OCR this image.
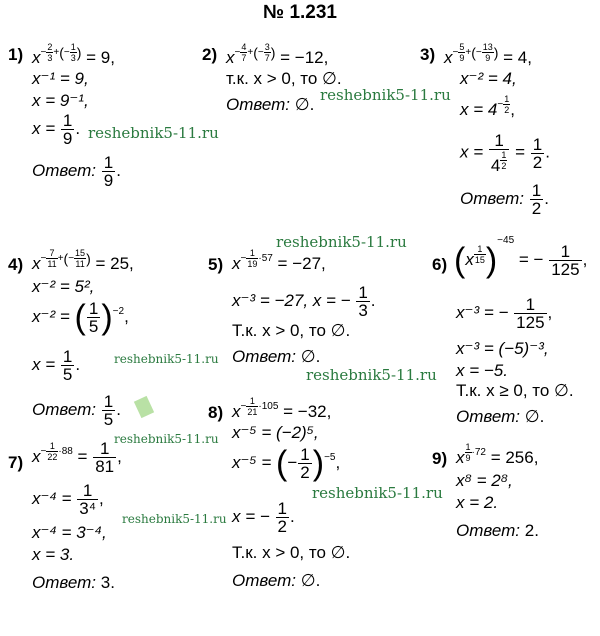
№ 1.231
1) $x^{- \frac{2}{3} +(- \frac{1}{3} )} = 9$,
x⁻¹ = 9,
x = 9⁻¹,
$x = \frac{1}{9}$ .
Ответ: $\frac{1}{9}$ .
2) $x^{- \frac{4}{7} +(- \frac{3}{7} )} = -12$,
т.к. x > 0, то ∅.
Ответ: ∅.
3) $x^{- \frac{5}{9} +(- \frac{13}{9} )} = 4$,
x⁻² = 4,
$x = 4^{- \frac{1}{2}}$ ,
x = 1
4 $^{\frac{1}{2}} = \frac{1}{2}$ .
Ответ: $\frac{1}{2}$ .
4) $x^{- \frac{7}{11} +(- \frac{15}{11} )} = 25$,
x⁻² = 5²,
x⁻² = ( $\frac{1}{5} )^{-2}$,
$x = \frac{1}{5}$ .
Ответ: $\frac{1}{5}$ .
5) $x^{- \frac{1}{19} \cdot 57} = -27$,
x⁻³ = −27, x = − $\frac{1}{3}$ .
Т.к. x > 0, то ∅.
Ответ: ∅.
6) (x $^{\frac{1}{15}}$ )$^{-45}$ = − $\frac{1}{125}$ ,
x⁻³ = − $\frac{1}{125}$ ,
x⁻³ = (−5)⁻³,
x = −5.
Т.к. x ≥ 0, то ∅.
Ответ: ∅.
7) $x^{- \frac{1}{22} \cdot 88} = \frac{1}{81}$ ,
$x^{-4} = \frac{1}{\text{3⁴}}$ ,
x⁻⁴ = 3⁻⁴,
x = 3.
Ответ: 3.
8) $x^{- \frac{1}{21} \cdot 105} = -32$,
x⁻⁵ = (−2)⁵,
x⁻⁵ = (− $\frac{1}{2} )^{-5}$,
x = − $\frac{1}{2}$ .
Т.к. x > 0, то ∅.
Ответ: ∅.
9) x $^{\frac{1}{9} \cdot 72}$ = 256,
x⁸ = 2⁸,
x = 2.
Ответ: 2.
reshebnik5-11.ru
reshebnik5-11.ru
reshebnik5-11.ru
reshebnik5-11.ru
reshebnik5-11.ru
reshebnik5-11.ru
reshebnik5-11.ru
reshebnik5-11.ru
